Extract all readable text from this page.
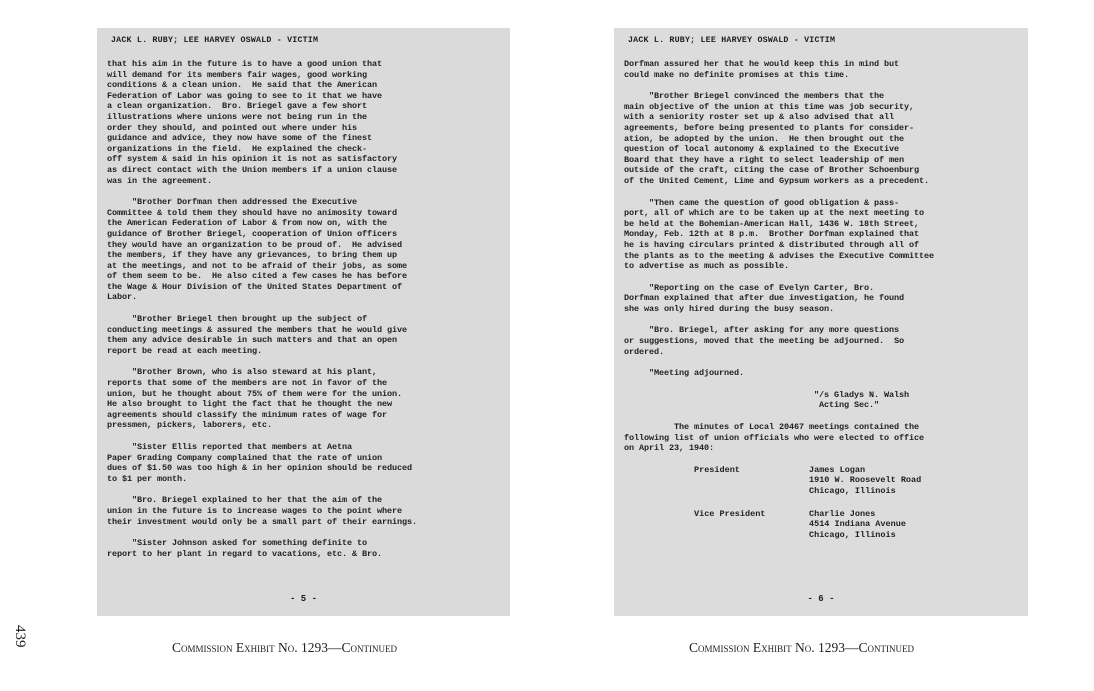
JACK L. RUBY; LEE HARVEY OSWALD - VICTIM
that his aim in the future is to have a good union that
will demand for its members fair wages, good working
conditions & a clean union.  He said that the American
Federation of Labor was going to see to it that we have
a clean organization.  Bro. Briegel gave a few short
illustrations where unions were not being run in the
order they should, and pointed out where under his
guidance and advice, they now have some of the finest
organizations in the field.  He explained the check-
off system & said in his opinion it is not as satisfactory
as direct contact with the Union members if a union clause
was in the agreement.
"Brother Dorfman then addressed the Executive
Committee & told them they should have no animosity toward
the American Federation of Labor & from now on, with the
guidance of Brother Briegel, cooperation of Union officers
they would have an organization to be proud of.  He advised
the members, if they have any grievances, to bring them up
at the meetings, and not to be afraid of their jobs, as some
of them seem to be.  He also cited a few cases he has before
the Wage & Hour Division of the United States Department of
Labor.
"Brother Briegel then brought up the subject of
conducting meetings & assured the members that he would give
them any advice desirable in such matters and that an open
report be read at each meeting.
"Brother Brown, who is also steward at his plant,
reports that some of the members are not in favor of the
union, but he thought about 75% of them were for the union.
He also brought to light the fact that he thought the new
agreements should classify the minimum rates of wage for
pressmen, pickers, laborers, etc.
"Sister Ellis reported that members at Aetna
Paper Grading Company complained that the rate of union
dues of $1.50 was too high & in her opinion should be reduced
to $1 per month.
"Bro. Briegel explained to her that the aim of the
union in the future is to increase wages to the point where
their investment would only be a small part of their earnings.
"Sister Johnson asked for something definite to
report to her plant in regard to vacations, etc. & Bro.
- 5 -
JACK L. RUBY; LEE HARVEY OSWALD - VICTIM
Dorfman assured her that he would keep this in mind but
could make no definite promises at this time.
"Brother Briegel convinced the members that the
main objective of the union at this time was job security,
with a seniority roster set up & also advised that all
agreements, before being presented to plants for consider-
ation, be adopted by the union.  He then brought out the
question of local autonomy & explained to the Executive
Board that they have a right to select leadership of men
outside of the craft, citing the case of Brother Schoenburg
of the United Cement, Lime and Gypsum workers as a precedent.
"Then came the question of good obligation & pass-
port, all of which are to be taken up at the next meeting to
be held at the Bohemian-American Hall, 1436 W. 18th Street,
Monday, Feb. 12th at 8 p.m.  Brother Dorfman explained that
he is having circulars printed & distributed through all of
the plants as to the meeting & advises the Executive Committee
to advertise as much as possible.
"Reporting on the case of Evelyn Carter, Bro.
Dorfman explained that after due investigation, he found
she was only hired during the busy season.
"Bro. Briegel, after asking for any more questions
or suggestions, moved that the meeting be adjourned.  So
ordered.
"Meeting adjourned.
"/s Gladys N. Walsh
Acting Sec."
The minutes of Local 20467 meetings contained the
following list of union officials who were elected to office
on April 23, 1940:
President	James Logan
1910 W. Roosevelt Road
Chicago, Illinois
Vice President	Charlie Jones
4514 Indiana Avenue
Chicago, Illinois
- 6 -
Commission Exhibit No. 1293—Continued	Commission Exhibit No. 1293—Continued
439
